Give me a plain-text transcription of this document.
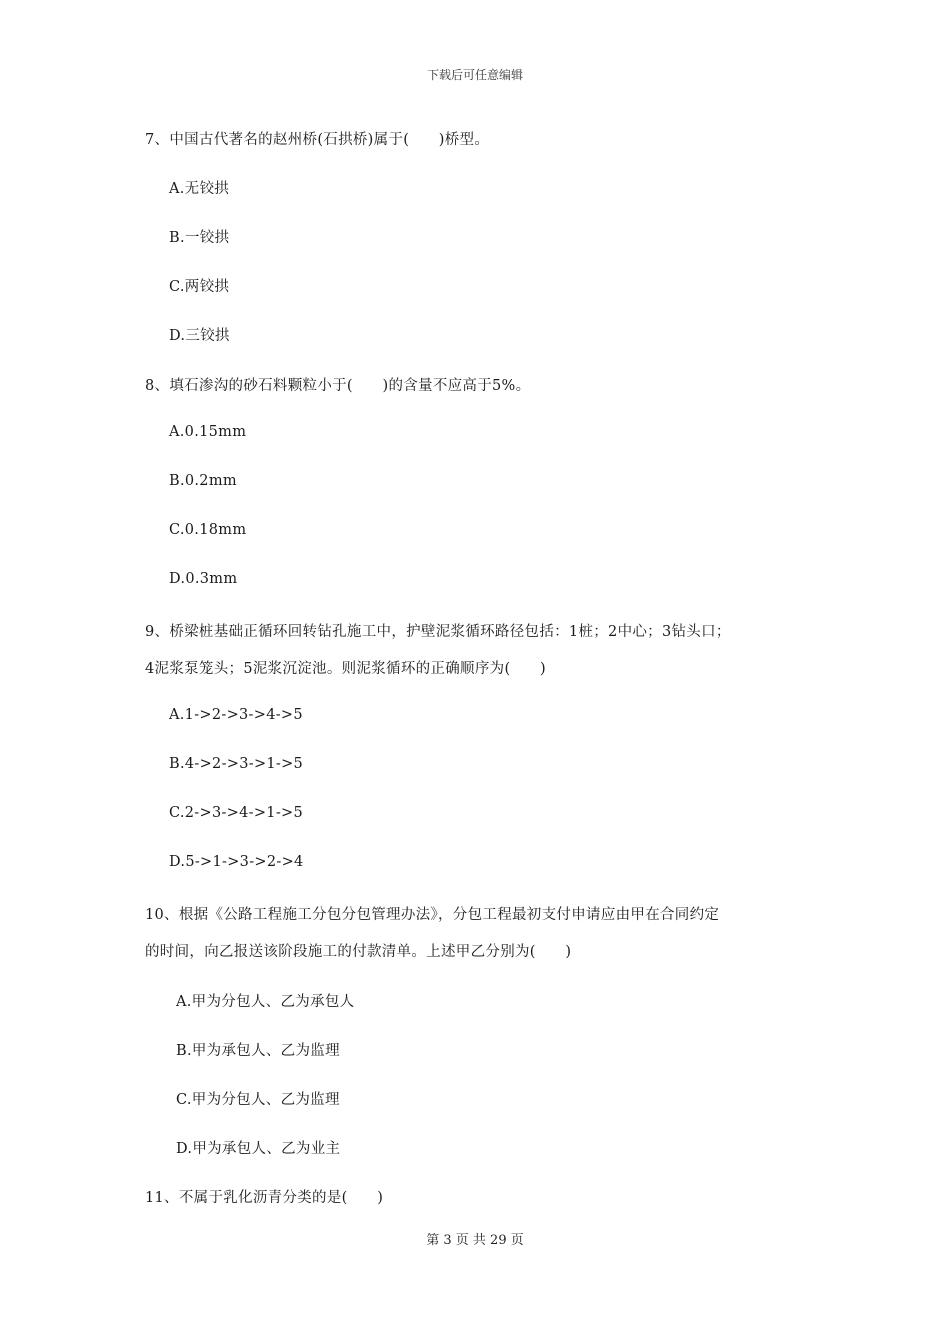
下载后可任意编辑
7、中国古代著名的赵州桥(石拱桥)属于(　　)桥型。
A.无铰拱
B.一铰拱
C.两铰拱
D.三铰拱
8、填石渗沟的砂石料颗粒小于(　　)的含量不应高于5%。
A.0.15mm
B.0.2mm
C.0.18mm
D.0.3mm
9、桥梁桩基础正循环回转钻孔施工中，护壁泥浆循环路径包括：1桩；2中心；3钻头口；
4泥浆泵笼头；5泥浆沉淀池。则泥浆循环的正确顺序为(　　)
A.1->2->3->4->5
B.4->2->3->1->5
C.2->3->4->1->5
D.5->1->3->2->4
10、根据《公路工程施工分包分包管理办法》，分包工程最初支付申请应由甲在合同约定
的时间，向乙报送该阶段施工的付款清单。上述甲乙分别为(　　)
A.甲为分包人、乙为承包人
B.甲为承包人、乙为监理
C.甲为分包人、乙为监理
D.甲为承包人、乙为业主
11、不属于乳化沥青分类的是(　　)
第 3 页 共 29 页
